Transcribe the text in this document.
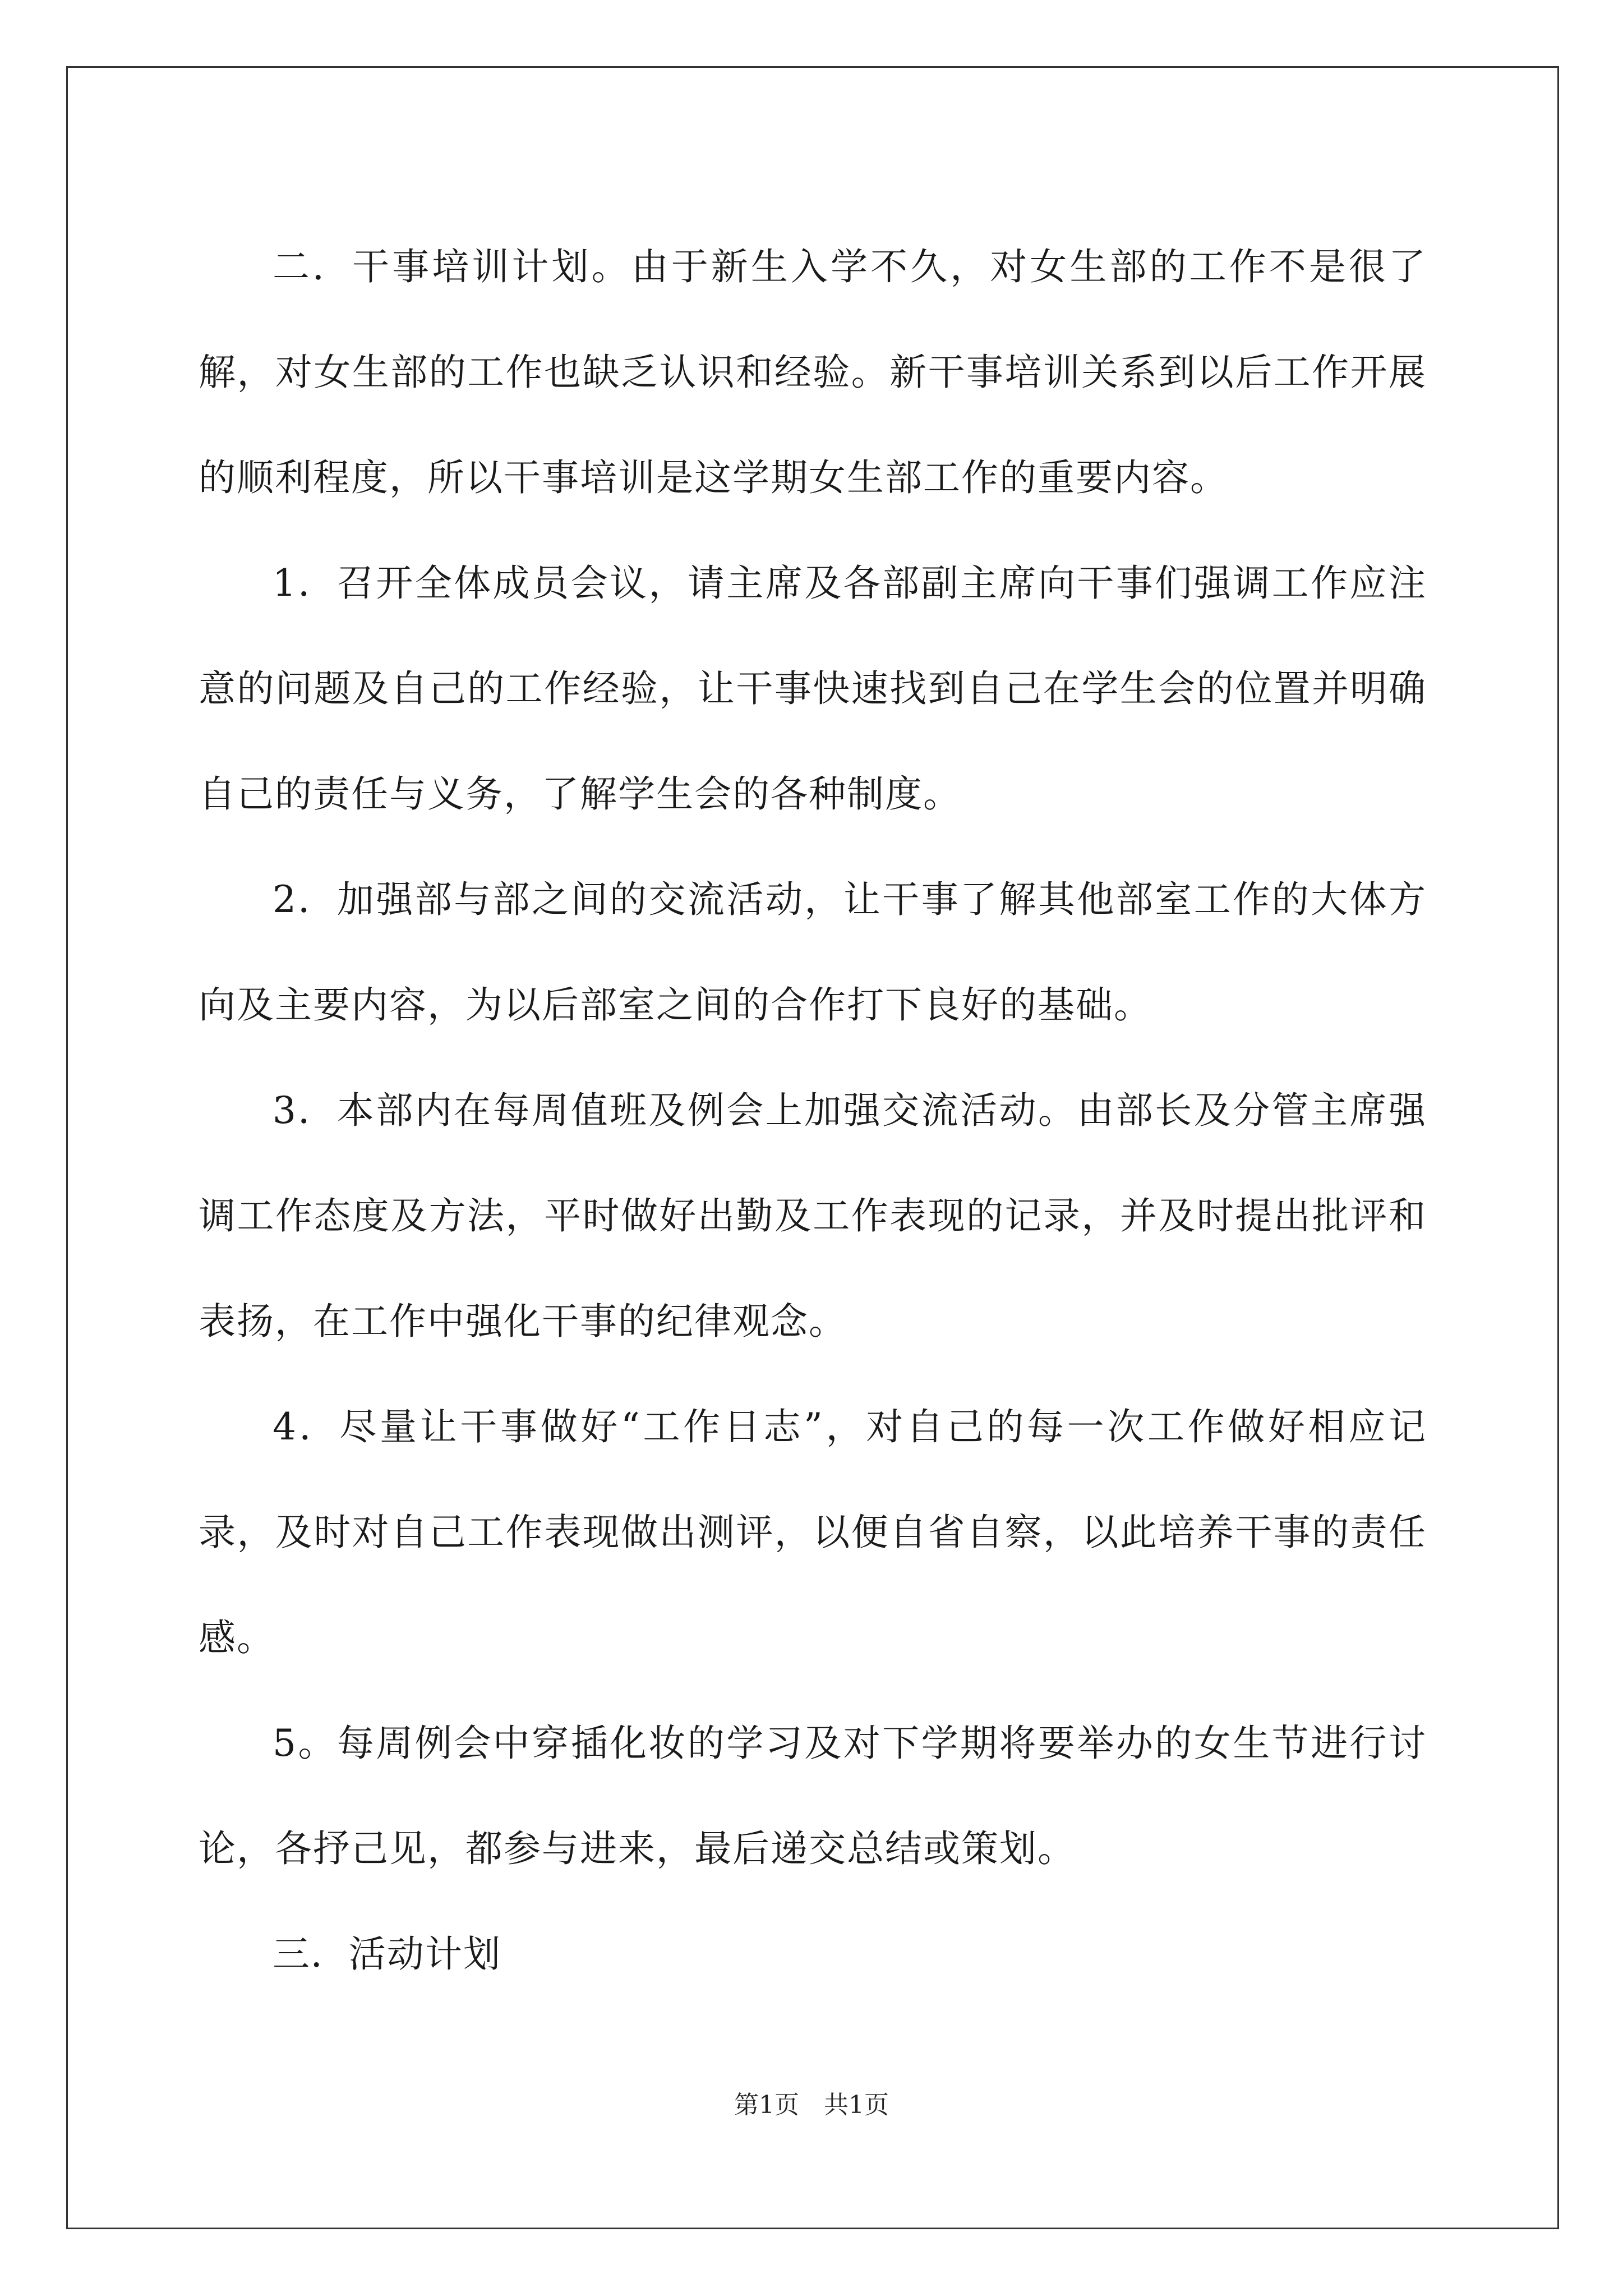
二．干事培训计划。由于新生入学不久，对女生部的工作不是很了解，对女生部的工作也缺乏认识和经验。新干事培训关系到以后工作开展的顺利程度，所以干事培训是这学期女生部工作的重要内容。

1．召开全体成员会议，请主席及各部副主席向干事们强调工作应注意的问题及自己的工作经验，让干事快速找到自己在学生会的位置并明确自己的责任与义务，了解学生会的各种制度。

2．加强部与部之间的交流活动，让干事了解其他部室工作的大体方向及主要内容，为以后部室之间的合作打下良好的基础。

3．本部内在每周值班及例会上加强交流活动。由部长及分管主席强调工作态度及方法，平时做好出勤及工作表现的记录，并及时提出批评和表扬，在工作中强化干事的纪律观念。

4．尽量让干事做好“工作日志”，对自己的每一次工作做好相应记录，及时对自己工作表现做出测评，以便自省自察，以此培养干事的责任感。

5。每周例会中穿插化妆的学习及对下学期将要举办的女生节进行讨论，各抒己见，都参与进来，最后递交总结或策划。

三．活动计划

第1页　共1页
